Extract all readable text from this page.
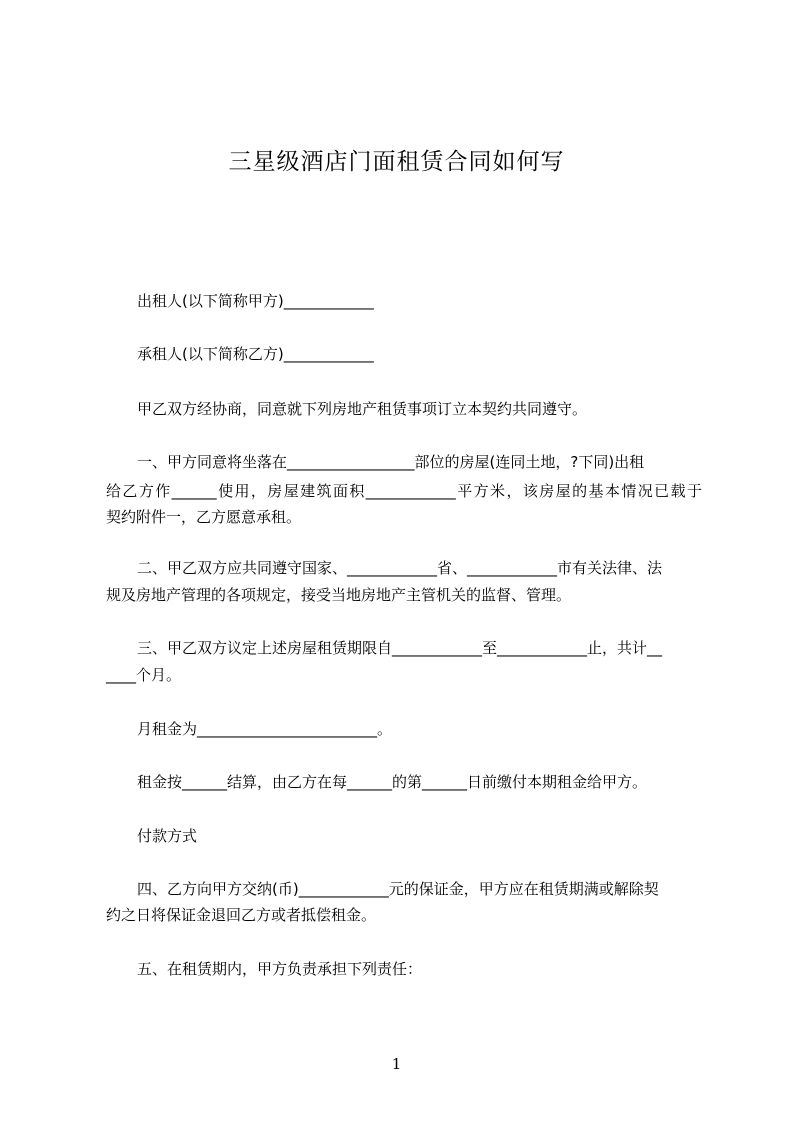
三星级酒店门面租赁合同如何写
出租人(以下简称甲方)____________
承租人(以下简称乙方)____________
甲乙双方经协商，同意就下列房地产租赁事项订立本契约共同遵守。
一、甲方同意将坐落在_________________部位的房屋(连同土地，?下同)出租
给乙方作______使用，房屋建筑面积____________平方米，该房屋的基本情况已载于
契约附件一，乙方愿意承租。
二、甲乙双方应共同遵守国家、____________省、____________市有关法律、法
规及房地产管理的各项规定，接受当地房地产主管机关的监督、管理。
三、甲乙双方议定上述房屋租赁期限自____________至____________止，共计__
____个月。
月租金为________________________。
租金按______结算，由乙方在每______的第______日前缴付本期租金给甲方。
付款方式
四、乙方向甲方交纳(币)____________元的保证金，甲方应在租赁期满或解除契
约之日将保证金退回乙方或者抵偿租金。
五、在租赁期内，甲方负责承担下列责任：
1
